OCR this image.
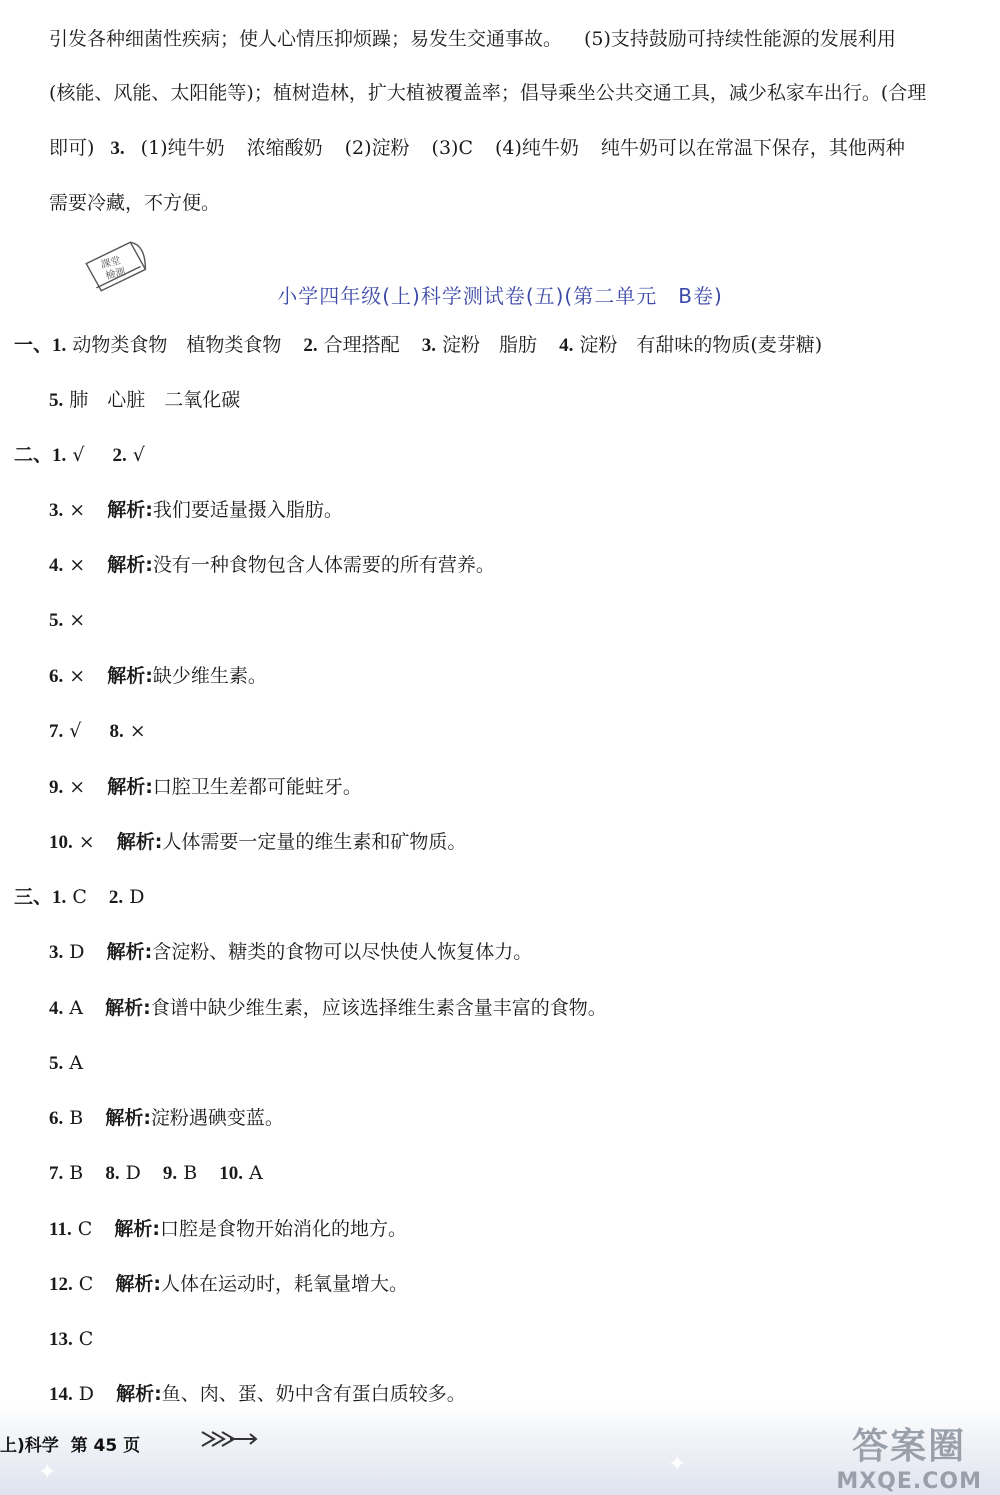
引发各种细菌性疾病；使人心情压抑烦躁；易发生交通事故。 (5)支持鼓励可持续性能源的发展利用
(核能、风能、太阳能等)；植树造林，扩大植被覆盖率；倡导乘坐公共交通工具，减少私家车出行。(合理
即可) 3. (1)纯牛奶 浓缩酸奶 (2)淀粉 (3)C (4)纯牛奶 纯牛奶可以在常温下保存，其他两种
需要冷藏，不方便。
課堂
檢測
小学四年级(上)科学测试卷(五)(第二单元　B卷)
一、1. 动物类食物　植物类食物 2. 合理搭配 3. 淀粉　脂肪 4. 淀粉　有甜味的物质(麦芽糖)
5. 肺　心脏　二氧化碳
二、1. √ 2. √
3. × 解析:我们要适量摄入脂肪。
4. × 解析:没有一种食物包含人体需要的所有营养。
5. ×
6. × 解析:缺少维生素。
7. √ 8. ×
9. × 解析:口腔卫生差都可能蛀牙。
10. × 解析:人体需要一定量的维生素和矿物质。
三、1. C 2. D
3. D 解析:含淀粉、糖类的食物可以尽快使人恢复体力。
4. A 解析:食谱中缺少维生素，应该选择维生素含量丰富的食物。
5. A
6. B 解析:淀粉遇碘变蓝。
7. B 8. D 9. B 10. A
11. C 解析:口腔是食物开始消化的地方。
12. C 解析:人体在运动时，耗氧量增大。
13. C
14. D 解析:鱼、肉、蛋、奶中含有蛋白质较多。
✦	✦
上)科学 第 45 页	答案圈
MXQE.COM
